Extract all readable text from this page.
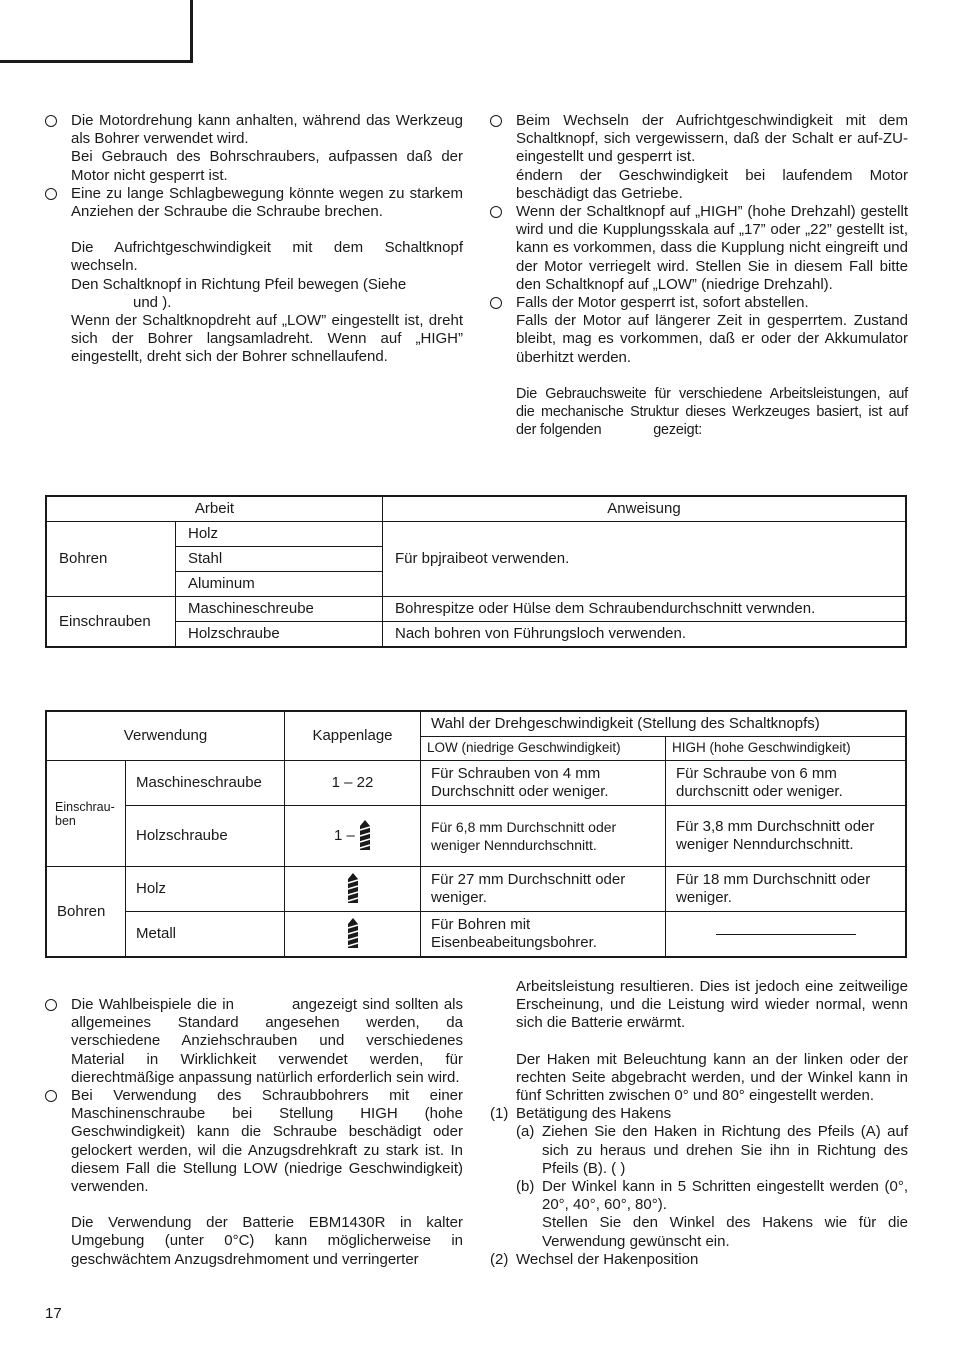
Die Motordrehung kann anhalten, während das Werkzeug als Bohrer verwendet wird.

Bei Gebrauch des Bohrschraubers, aufpassen daß der Motor nicht gesperrt ist.

Eine zu lange Schlagbewegung könnte wegen zu starkem Anziehen der Schraube die Schraube brechen.

Die Aufrichtgeschwindigkeit mit dem Schaltknopf wechseln.

Den Schaltknopf in Richtung Pfeil bewegen (Siehe
und ).

Wenn der Schaltknopdreht auf „LOW” eingestellt ist, dreht sich der Bohrer langsamladreht. Wenn auf „HIGH” eingestellt, dreht sich der Bohrer schnellaufend.

Beim Wechseln der Aufrichtgeschwindigkeit mit dem Schaltknopf, sich vergewissern, daß der Schalt er auf-ZU-eingestellt und gesperrt ist.

éndern der Geschwindigkeit bei laufendem Motor beschädigt das Getriebe.

Wenn der Schaltknopf auf „HIGH” (hohe Drehzahl) gestellt wird und die Kupplungsskala auf „17” oder „22” gestellt ist, kann es vorkommen, dass die Kupplung nicht eingreift und der Motor verriegelt wird. Stellen Sie in diesem Fall bitte den Schaltknopf auf „LOW” (niedrige Drehzahl).

Falls der Motor gesperrt ist, sofort abstellen.

Falls der Motor auf längerer Zeit in gesperrtem. Zustand bleibt, mag es vorkommen, daß er oder der Akkumulator überhitzt werden.

Die Gebrauchsweite für verschiedene Arbeitsleistungen, auf die mechanische Struktur dieses Werkzeuges basiert, ist auf der folgenden	gezeigt:

Arbeit		Anweisung
Bohren	Holz	Für bpjraibeot verwenden.
	Stahl	
	Aluminum	
Einschrauben	Maschineschreube	Bohrespitze oder Hülse dem Schraubendurchschnitt verwnden.
	Holzschraube	Nach bohren von Führungsloch verwenden.
Verwendung		Kappenlage	Wahl der Drehgeschwindigkeit (Stellung des Schaltknopfs)	
			LOW (niedrige Geschwindigkeit)	HIGH (hohe Geschwindigkeit)
Einschrau-ben	Maschineschraube	1 – 22	Für Schrauben von 4 mm Durchschnitt oder weniger.	Für Schraube von 6 mm durchscnitt oder weniger.
	Holzschraube	1 –	Für 6,8 mm Durchschnitt oder weniger Nenndurchschnitt.	Für 3,8 mm Durchschnitt oder weniger Nenndurchschnitt.
Bohren	Holz		Für 27 mm Durchschnitt oder weniger.	Für 18 mm Durchschnitt oder weniger.
	Metall		Für Bohren mit Eisenbeabeitungsbohrer.	

Die Wahlbeispiele die in	angezeigt sind sollten als allgemeines Standard angesehen werden, da verschiedene Anziehschrauben und verschiedenes Material in Wirklichkeit verwendet werden, für dierechtmäßige anpassung natürlich erforderlich sein wird.

Bei Verwendung des Schraubbohrers mit einer Maschinenschraube bei Stellung HIGH (hohe Geschwindigkeit) kann die Schraube beschädigt oder gelockert werden, wil die Anzugsdrehkraft zu stark ist. In diesem Fall die Stellung LOW (niedrige Geschwindigkeit) verwenden.

Die Verwendung der Batterie EBM1430R in kalter Umgebung (unter 0°C) kann möglicherweise in geschwächtem Anzugsdrehmoment und verringerter

Arbeitsleistung resultieren. Dies ist jedoch eine zeitweilige Erscheinung, und die Leistung wird wieder normal, wenn sich die Batterie erwärmt.

Der Haken mit Beleuchtung kann an der linken oder der rechten Seite abgebracht werden, und der Winkel kann in fünf Schritten zwischen 0° und 80° eingestellt werden.

(1) Betätigung des Hakens

(a) Ziehen Sie den Haken in Richtung des Pfeils (A) auf sich zu heraus und drehen Sie ihn in Richtung des Pfeils (B). ( )

(b) Der Winkel kann in 5 Schritten eingestellt werden (0°, 20°, 40°, 60°, 80°).

Stellen Sie den Winkel des Hakens wie für die Verwendung gewünscht ein.

(2) Wechsel der Hakenposition

17
